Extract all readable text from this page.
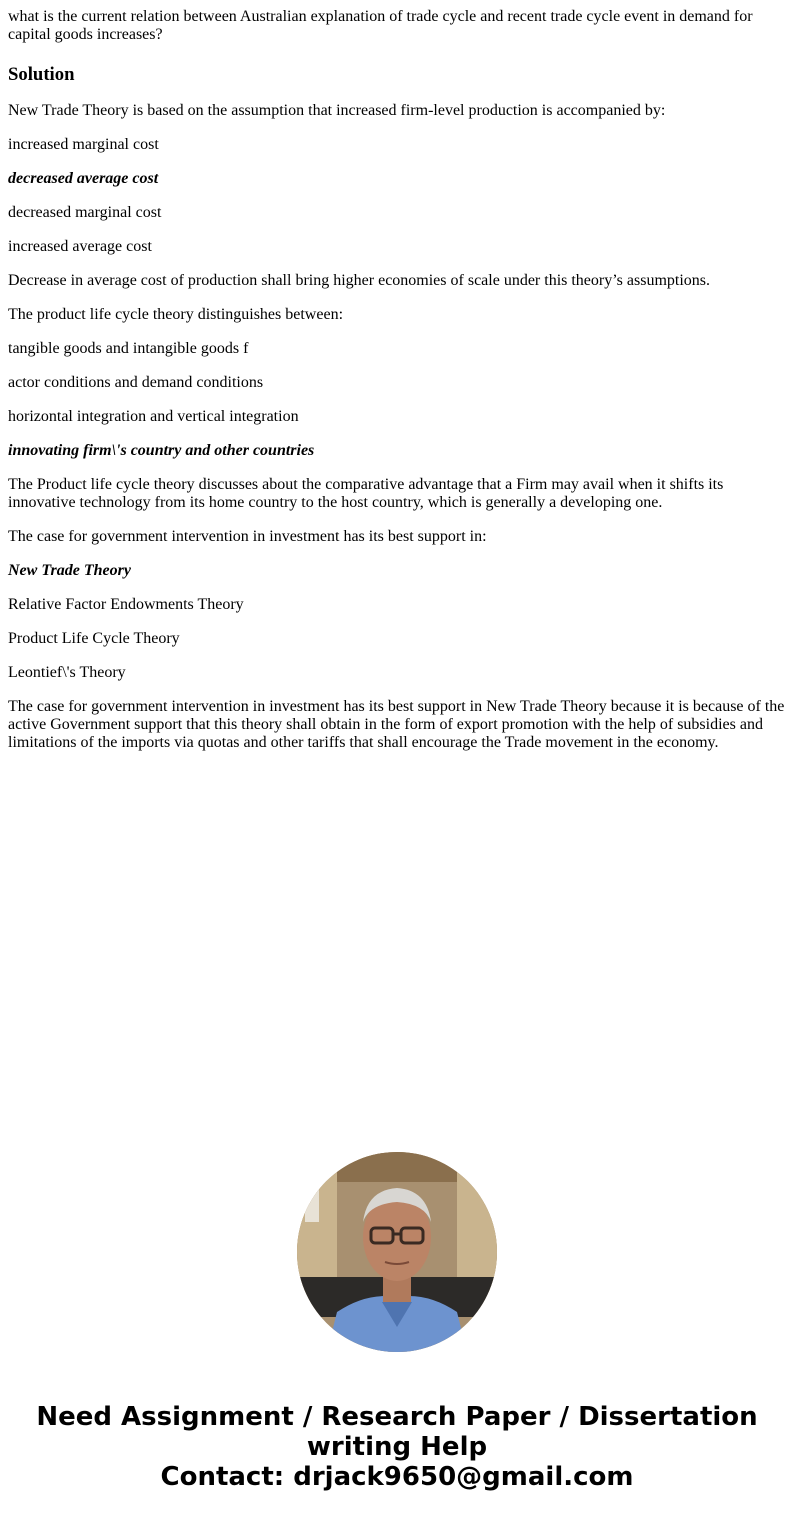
what is the current relation between Australian explanation of trade cycle and recent trade cycle event in demand for capital goods increases?

Solution

New Trade Theory is based on the assumption that increased firm-level production is accompanied by:

increased marginal cost

decreased average cost

decreased marginal cost

increased average cost

Decrease in average cost of production shall bring higher economies of scale under this theory’s assumptions.

The product life cycle theory distinguishes between:

tangible goods and intangible goods f

actor conditions and demand conditions

horizontal integration and vertical integration

innovating firm\'s country and other countries

The Product life cycle theory discusses about the comparative advantage that a Firm may avail when it shifts its innovative technology from its home country to the host country, which is generally a developing one.

The case for government intervention in investment has its best support in:

New Trade Theory

Relative Factor Endowments Theory

Product Life Cycle Theory

Leontief\'s Theory

The case for government intervention in investment has its best support in New Trade Theory because it is because of the active Government support that this theory shall obtain in the form of export promotion with the help of subsidies and limitations of the imports via quotas and other tariffs that shall encourage the Trade movement in the economy.

Need Assignment / Research Paper / Dissertation
writing Help
Contact: drjack9650@gmail.com
